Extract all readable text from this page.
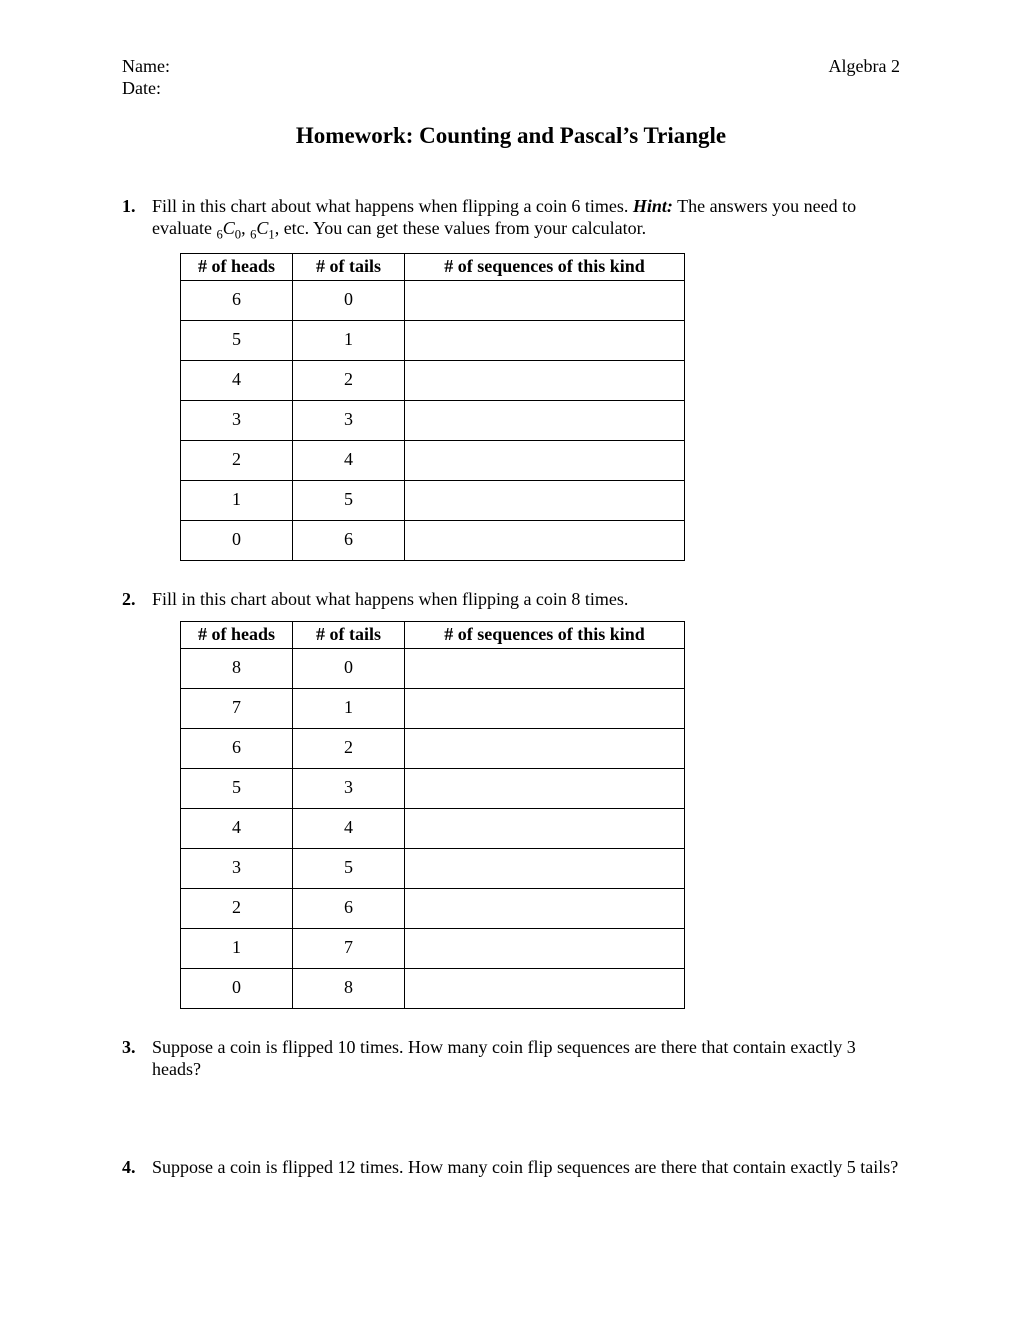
Name:	Algebra 2
Date:
Homework: Counting and Pascal’s Triangle
1. Fill in this chart about what happens when flipping a coin 6 times. Hint: The answers you need to evaluate $_6C_0$, $_6C_1$, etc. You can get these values from your calculator.
# of heads	# of tails	# of sequences of this kind
6	0	
5	1	
4	2	
3	3	
2	4	
1	5	
0	6	
2. Fill in this chart about what happens when flipping a coin 8 times.
# of heads	# of tails	# of sequences of this kind
8	0	
7	1	
6	2	
5	3	
4	4	
3	5	
2	6	
1	7	
0	8	
3. Suppose a coin is flipped 10 times. How many coin flip sequences are there that contain exactly 3 heads?
4. Suppose a coin is flipped 12 times. How many coin flip sequences are there that contain exactly 5 tails?
